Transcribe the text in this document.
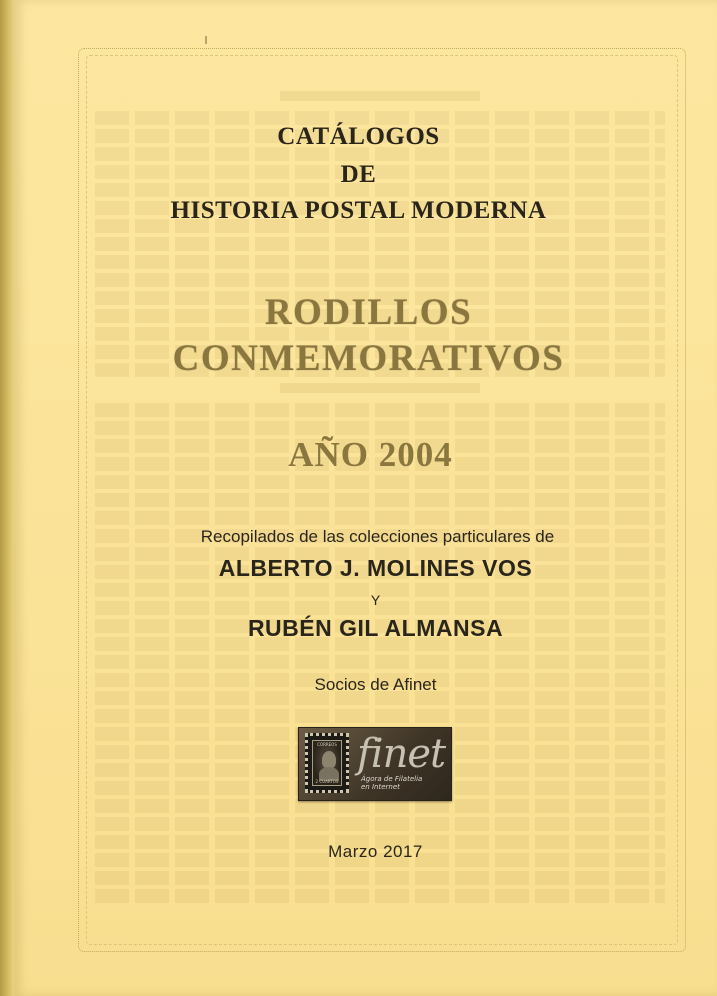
CATÁLOGOS
DE
HISTORIA POSTAL MODERNA
RODILLOS
CONMEMORATIVOS
AÑO 2004
Recopilados de las colecciones particulares de
ALBERTO J. MOLINES VOS
Y
RUBÉN GIL ALMANSA
Socios de Afinet
CORREOS
2 CUARTOS
finet
Ágora de Filatelia
en Internet
Marzo 2017
